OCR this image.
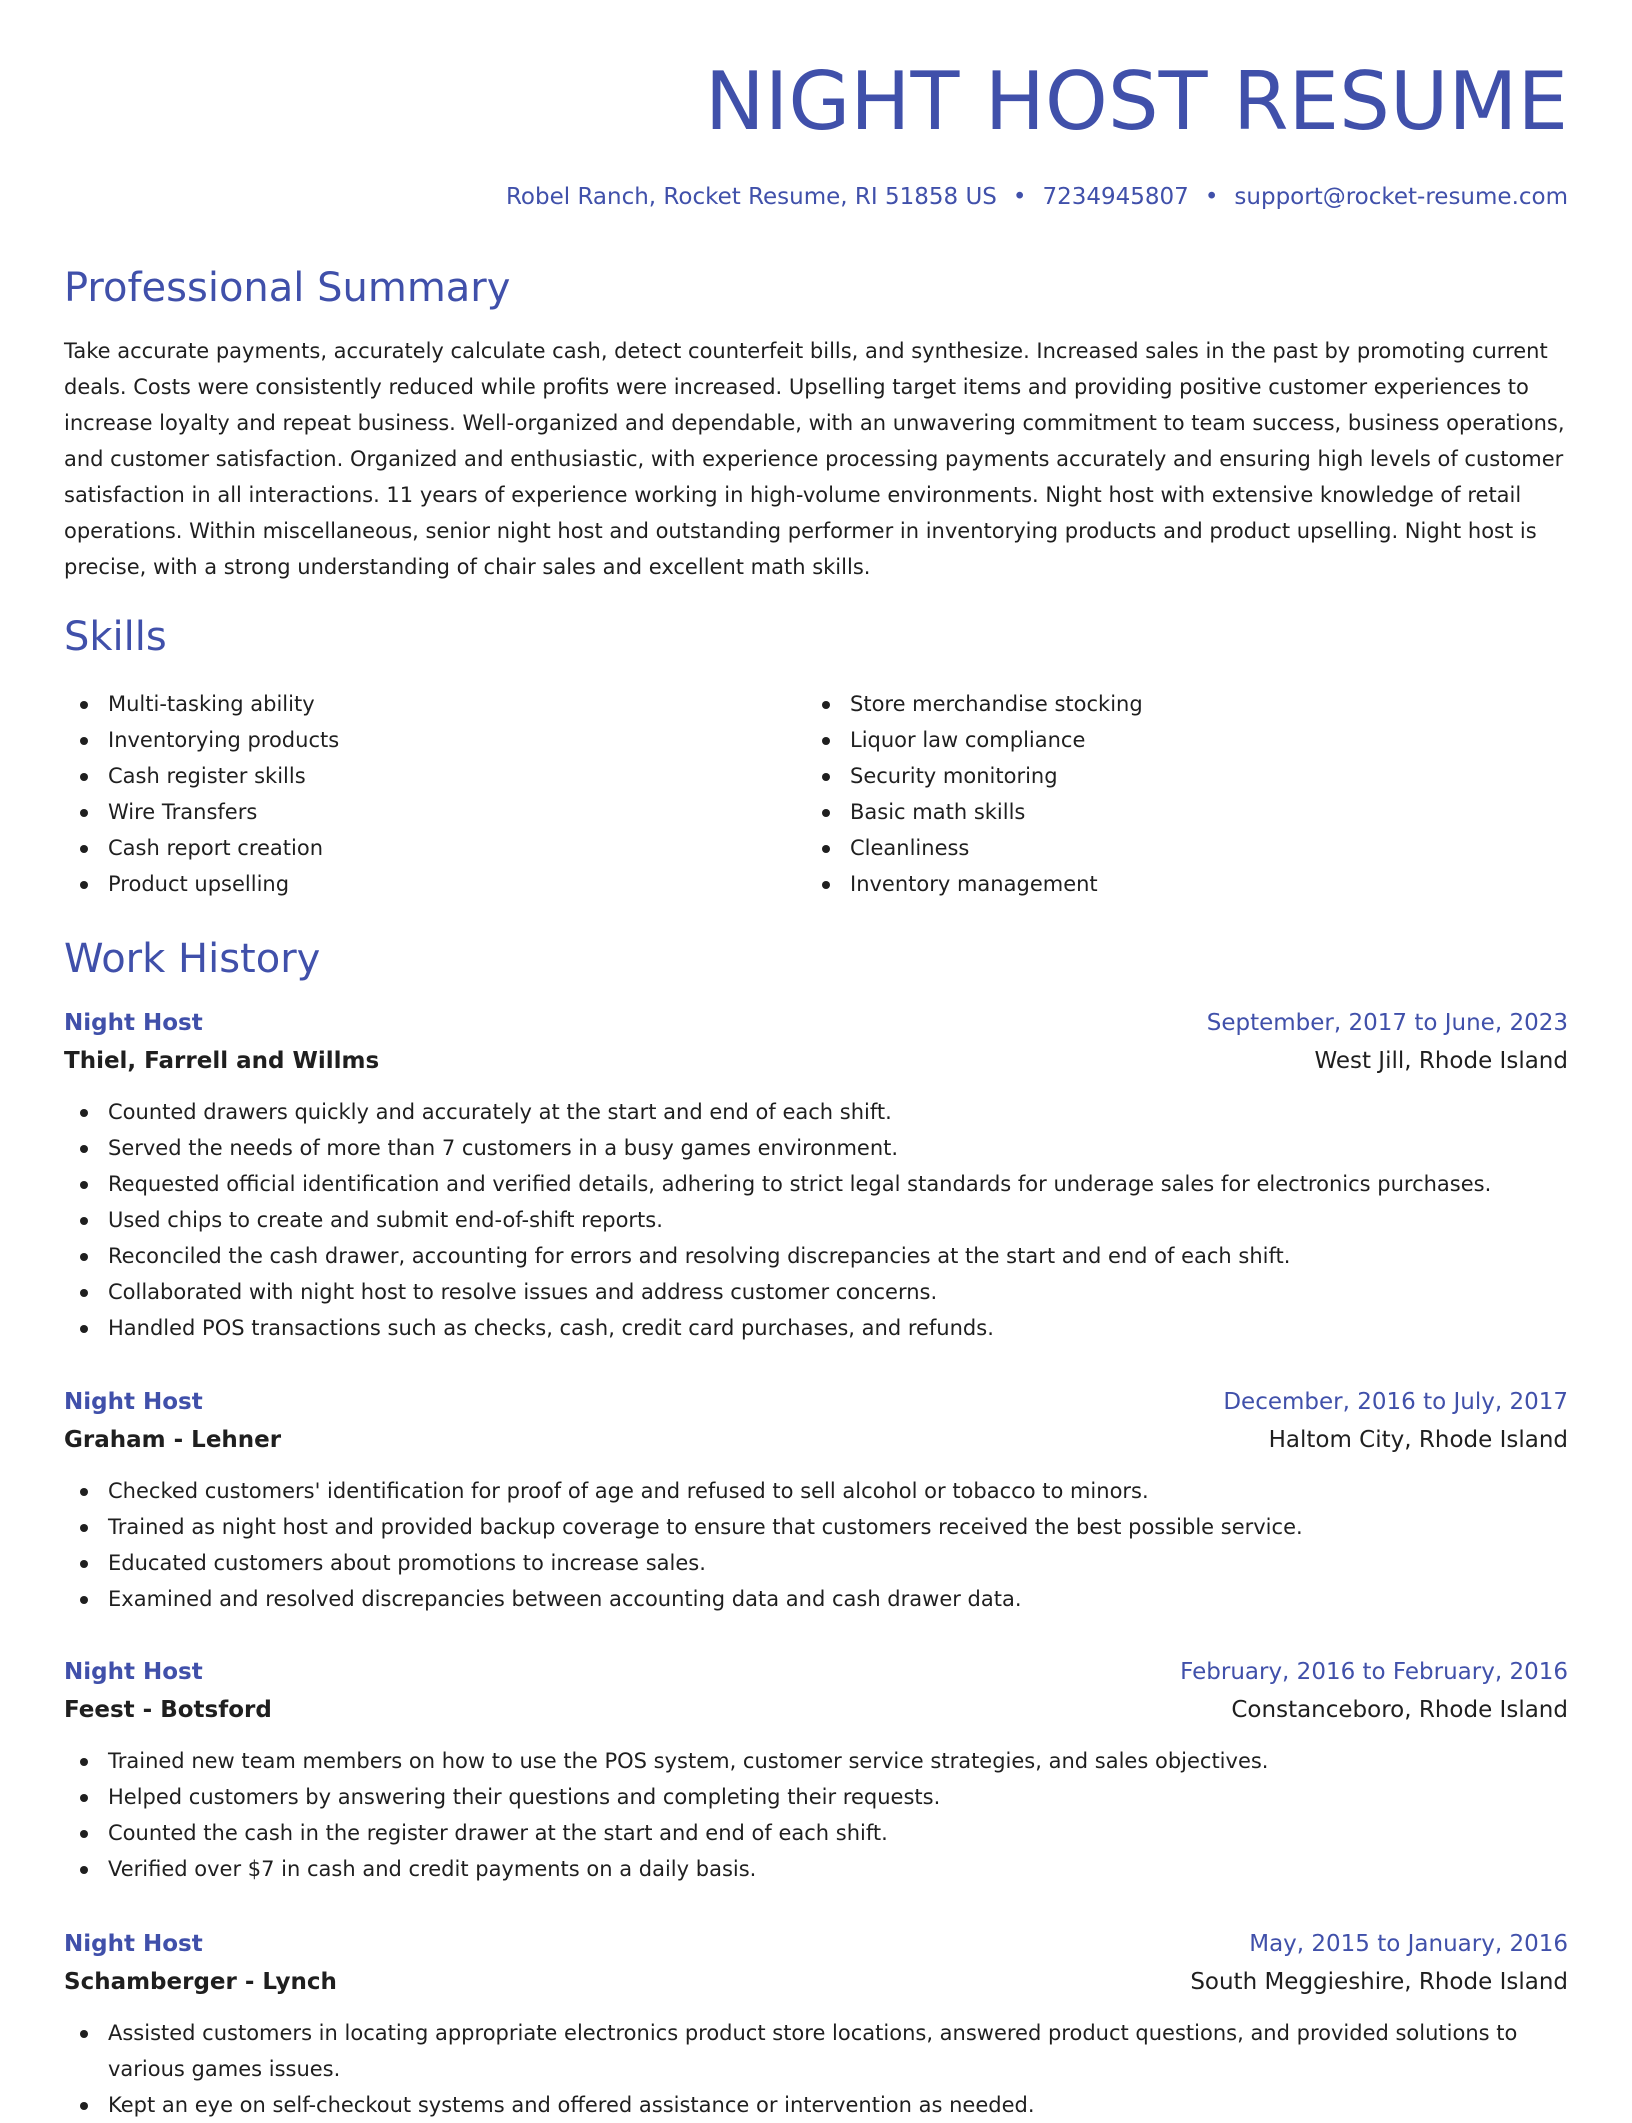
NIGHT HOST RESUME
Robel Ranch, Rocket Resume, RI 51858 US • 7234945807 • support@rocket-resume.com
Professional Summary

Take accurate payments, accurately calculate cash, detect counterfeit bills, and synthesize. Increased sales in the past by promoting current deals. Costs were consistently reduced while profits were increased. Upselling target items and providing positive customer experiences to increase loyalty and repeat business. Well-organized and dependable, with an unwavering commitment to team success, business operations, and customer satisfaction. Organized and enthusiastic, with experience processing payments accurately and ensuring high levels of customer satisfaction in all interactions. 11 years of experience working in high-volume environments. Night host with extensive knowledge of retail operations. Within miscellaneous, senior night host and outstanding performer in inventorying products and product upselling. Night host is precise, with a strong understanding of chair sales and excellent math skills.

Skills
Multi-tasking ability
Inventorying products
Cash register skills
Wire Transfers
Cash report creation
Product upselling
Store merchandise stocking
Liquor law compliance
Security monitoring
Basic math skills
Cleanliness
Inventory management
Work History
Night Host	September, 2017 to June, 2023
Thiel, Farrell and Willms	West Jill, Rhode Island
Counted drawers quickly and accurately at the start and end of each shift.
Served the needs of more than 7 customers in a busy games environment.
Requested official identification and verified details, adhering to strict legal standards for underage sales for electronics purchases.
Used chips to create and submit end-of-shift reports.
Reconciled the cash drawer, accounting for errors and resolving discrepancies at the start and end of each shift.
Collaborated with night host to resolve issues and address customer concerns.
Handled POS transactions such as checks, cash, credit card purchases, and refunds.
Night Host	December, 2016 to July, 2017
Graham - Lehner	Haltom City, Rhode Island
Checked customers' identification for proof of age and refused to sell alcohol or tobacco to minors.
Trained as night host and provided backup coverage to ensure that customers received the best possible service.
Educated customers about promotions to increase sales.
Examined and resolved discrepancies between accounting data and cash drawer data.
Night Host	February, 2016 to February, 2016
Feest - Botsford	Constanceboro, Rhode Island
Trained new team members on how to use the POS system, customer service strategies, and sales objectives.
Helped customers by answering their questions and completing their requests.
Counted the cash in the register drawer at the start and end of each shift.
Verified over $7 in cash and credit payments on a daily basis.
Night Host	May, 2015 to January, 2016
Schamberger - Lynch	South Meggieshire, Rhode Island
Assisted customers in locating appropriate electronics product store locations, answered product questions, and provided solutions to various games issues.
Kept an eye on self-checkout systems and offered assistance or intervention as needed.
